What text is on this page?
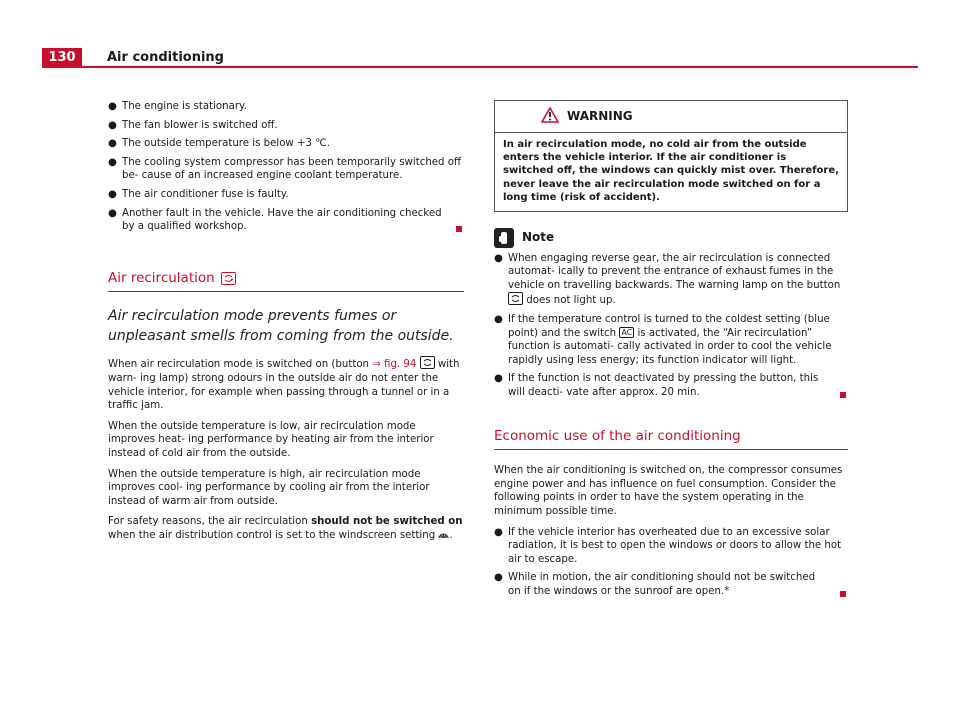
130	Air conditioning

● The engine is stationary.

● The fan blower is switched off.

● The outside temperature is below +3 ℃.

● The cooling system compressor has been temporarily switched off be- cause of an increased engine coolant temperature.

● The air conditioner fuse is faulty.

● Another fault in the vehicle. Have the air conditioning checked by a qualified workshop.

Air recirculation

Air recirculation mode prevents fumes or unpleasant smells from coming from the outside.

When air recirculation mode is switched on (button ⇒ fig. 94 with warn- ing lamp) strong odours in the outside air do not enter the vehicle interior, for example when passing through a tunnel or in a traffic jam.

When the outside temperature is low, air recirculation mode improves heat- ing performance by heating air from the interior instead of cold air from the outside.

When the outside temperature is high, air recirculation mode improves cool- ing performance by cooling air from the interior instead of warm air from outside.

For safety reasons, the air recirculation should not be switched on when the air distribution control is set to the windscreen setting .

WARNING
In air recirculation mode, no cold air from the outside enters the vehicle interior. If the air conditioner is switched off, the windows can quickly mist over. Therefore, never leave the air recirculation mode switched on for a long time (risk of accident).
Note

● When engaging reverse gear, the air recirculation is connected automat- ically to prevent the entrance of exhaust fumes in the vehicle on travelling backwards. The warning lamp on the button
does not light up.

● If the temperature control is turned to the coldest setting (blue point) and the switch AC is activated, the “Air recirculation” function is automati- cally activated in order to cool the vehicle rapidly using less energy; its function indicator will light.

● If the function is not deactivated by pressing the button, this will deacti- vate after approx. 20 min.

Economic use of the air conditioning

When the air conditioning is switched on, the compressor consumes engine power and has influence on fuel consumption. Consider the following points in order to have the system operating in the minimum possible time.

● If the vehicle interior has overheated due to an excessive solar radiation, it is best to open the windows or doors to allow the hot air to escape.

● While in motion, the air conditioning should not be switched on if the windows or the sunroof are open.*
